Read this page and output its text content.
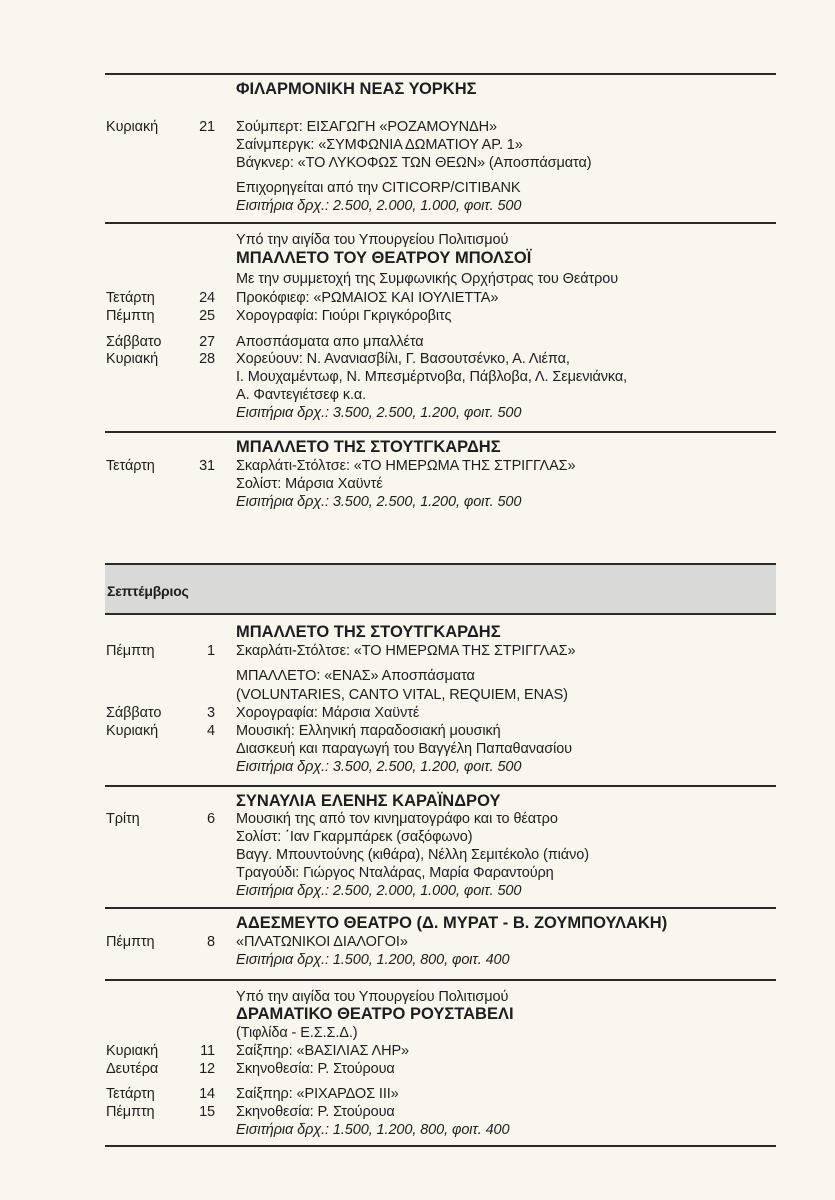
ΦΙΛΑΡΜΟΝΙΚΗ ΝΕΑΣ ΥΟΡΚΗΣ
Κυριακή	21 Σούμπερτ: ΕΙΣΑΓΩΓΗ «ΡΟΖΑΜΟΥΝΔΗ»
Σαίνμπεργκ: «ΣΥΜΦΩΝΙΑ ΔΩΜΑΤΙΟΥ ΑΡ. 1»
Βάγκνερ: «ΤΟ ΛΥΚΟΦΩΣ ΤΩΝ ΘΕΩΝ» (Αποσπάσματα)
Επιχορηγείται από την CITICORP/CITIBANK
Εισιτήρια δρχ.: 2.500, 2.000, 1.000, φοιτ. 500
Υπό την αιγίδα του Υπουργείου Πολιτισμού
ΜΠΑΛΛΕΤΟ ΤΟΥ ΘΕΑΤΡΟΥ ΜΠΟΛΣΟΪ
Με την συμμετοχή της Συμφωνικής Ορχήστρας του Θεάτρου
Τετάρτη	24 Προκόφιεφ: «ΡΩΜΑΙΟΣ ΚΑΙ ΙΟΥΛΙΕΤΤΑ»
Πέμπτη	25 Χορογραφία: Γιούρι Γκριγκόροβιτς
Σάββατο	27 Αποσπάσματα απο μπαλλέτα
Κυριακή	28 Χορεύουν: Ν. Ανανιασβίλι, Γ. Βασουτσένκο, Α. Λιέπα,
Ι. Μουχαμέντωφ, Ν. Μπεσμέρτνοβα, Πάβλοβα, Λ. Σεμενιάνκα,
Α. Φαντεγιέτσεφ κ.α.
Εισιτήρια δρχ.: 3.500, 2.500, 1.200, φοιτ. 500
ΜΠΑΛΛΕΤΟ ΤΗΣ ΣΤΟΥΤΓΚΑΡΔΗΣ
Τετάρτη	31 Σκαρλάτι-Στόλτσε: «ΤΟ ΗΜΕΡΩΜΑ ΤΗΣ ΣΤΡΙΓΓΛΑΣ»
Σολίστ: Μάρσια Χαϋντέ
Εισιτήρια δρχ.: 3.500, 2.500, 1.200, φοιτ. 500
Σεπτέμβριος
ΜΠΑΛΛΕΤΟ ΤΗΣ ΣΤΟΥΤΓΚΑΡΔΗΣ
Πέμπτη	1 Σκαρλάτι-Στόλτσε: «ΤΟ ΗΜΕΡΩΜΑ ΤΗΣ ΣΤΡΙΓΓΛΑΣ»
ΜΠΑΛΛΕΤΟ: «ΕΝΑΣ» Αποσπάσματα
(VOLUNTARIES, CANTO VITAL, REQUIEM, ENAS)
Σάββατο	3 Χορογραφία: Μάρσια Χαϋντέ
Κυριακή	4 Μουσική: Ελληνική παραδοσιακή μουσική
Διασκευή και παραγωγή του Βαγγέλη Παπαθανασίου
Εισιτήρια δρχ.: 3.500, 2.500, 1.200, φοιτ. 500
ΣΥΝΑΥΛΙΑ ΕΛΕΝΗΣ ΚΑΡΑΪΝΔΡΟΥ
Τρίτη	6 Μουσική της από τον κινηματογράφο και το θέατρο
Σολίστ: ΄Ιαν Γκαρμπάρεκ (σαξόφωνο)
Βαγγ. Μπουντούνης (κιθάρα), Νέλλη Σεμιτέκολο (πιάνο)
Τραγούδι: Γιώργος Νταλάρας, Μαρία Φαραντούρη
Εισιτήρια δρχ.: 2.500, 2.000, 1.000, φοιτ. 500
ΑΔΕΣΜΕΥΤΟ ΘΕΑΤΡΟ (Δ. ΜΥΡΑΤ - Β. ΖΟΥΜΠΟΥΛΑΚΗ)
Πέμπτη	8 «ΠΛΑΤΩΝΙΚΟΙ ΔΙΑΛΟΓΟΙ»
Εισιτήρια δρχ.: 1.500, 1.200, 800, φοιτ. 400
Υπό την αιγίδα του Υπουργείου Πολιτισμού
ΔΡΑΜΑΤΙΚΟ ΘΕΑΤΡΟ ΡΟΥΣΤΑΒΕΛΙ
(Τιφλίδα - Ε.Σ.Σ.Δ.)
Κυριακή	11 Σαίξπηρ: «ΒΑΣΙΛΙΑΣ ΛΗΡ»
Δευτέρα	12 Σκηνοθεσία: Ρ. Στούρουα
Τετάρτη	14 Σαίξπηρ: «ΡΙΧΑΡΔΟΣ ΙΙΙ»
Πέμπτη	15 Σκηνοθεσία: Ρ. Στούρουα
Εισιτήρια δρχ.: 1.500, 1.200, 800, φοιτ. 400
